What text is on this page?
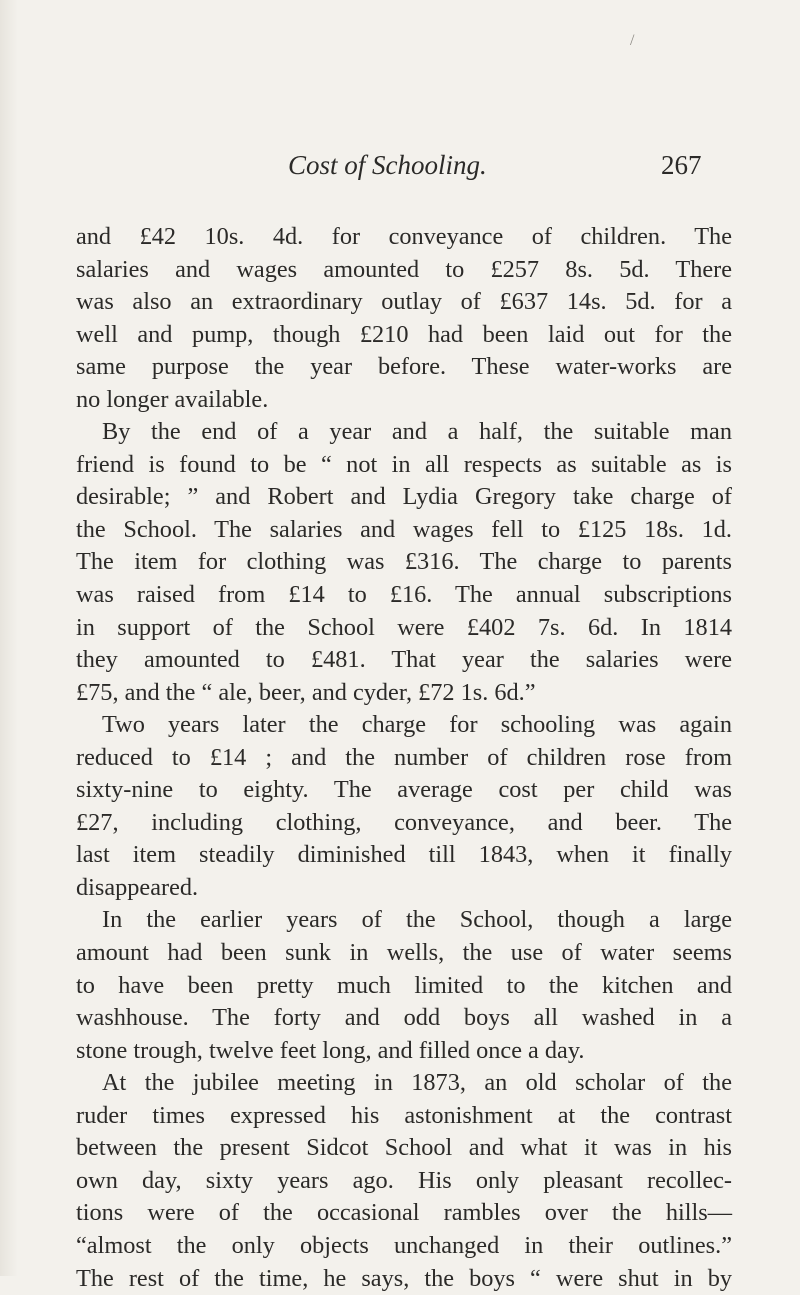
/
Cost of Schooling.	267
and £42 10s. 4d. for conveyance of children. The
salaries and wages amounted to £257 8s. 5d. There
was also an extraordinary outlay of £637 14s. 5d. for a
well and pump, though £210 had been laid out for the
same purpose the year before. These water-works are
no longer available.
By the end of a year and a half, the suitable man
friend is found to be “ not in all respects as suitable as is
desirable; ” and Robert and Lydia Gregory take charge of
the School. The salaries and wages fell to £125 18s. 1d.
The item for clothing was £316. The charge to parents
was raised from £14 to £16. The annual subscriptions
in support of the School were £402 7s. 6d. In 1814
they amounted to £481. That year the salaries were
£75, and the “ ale, beer, and cyder, £72 1s. 6d.”
Two years later the charge for schooling was again
reduced to £14 ; and the number of children rose from
sixty-nine to eighty. The average cost per child was
£27, including clothing, conveyance, and beer. The
last item steadily diminished till 1843, when it finally
disappeared.
In the earlier years of the School, though a large
amount had been sunk in wells, the use of water seems
to have been pretty much limited to the kitchen and
washhouse. The forty and odd boys all washed in a
stone trough, twelve feet long, and filled once a day.
At the jubilee meeting in 1873, an old scholar of the
ruder times expressed his astonishment at the contrast
between the present Sidcot School and what it was in his
own day, sixty years ago. His only pleasant recollec-
tions were of the occasional rambles over the hills—
“almost the only objects unchanged in their outlines.”
The rest of the time, he says, the boys “ were shut in by
